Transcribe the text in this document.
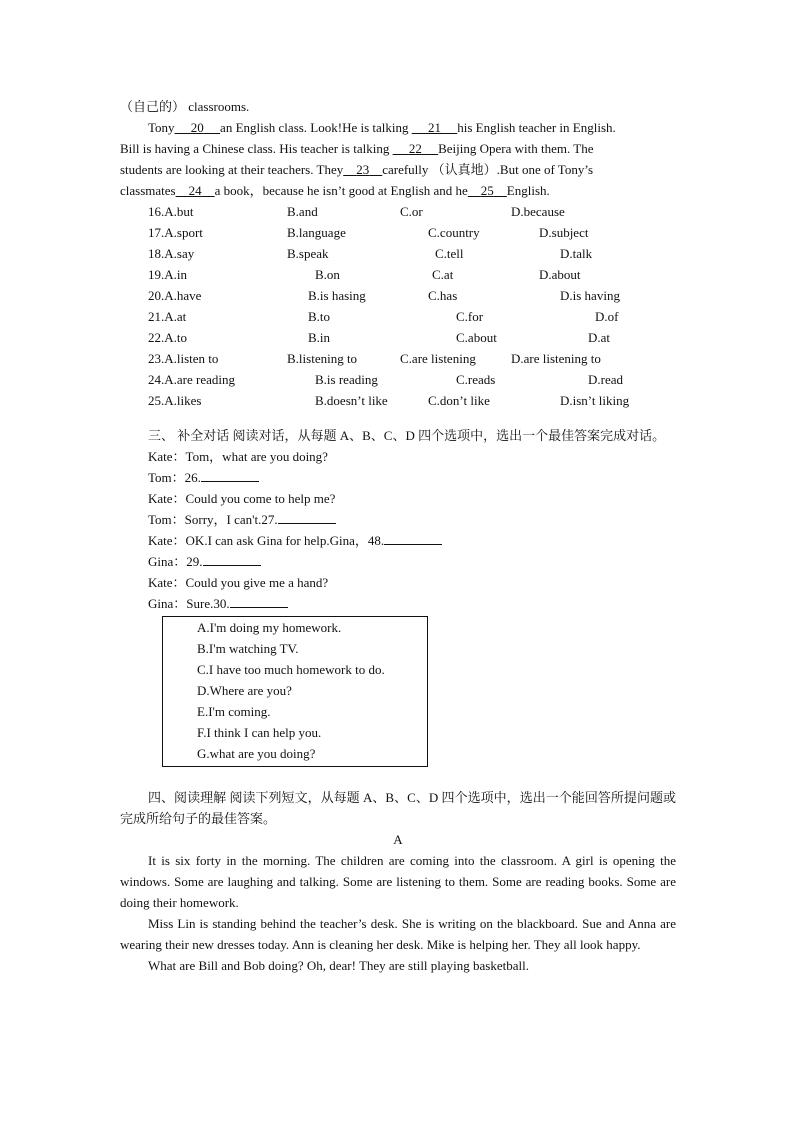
（自己的） classrooms.
Tony 20 an English class. Look!He is talking      21 his English teacher in English.
Bill is having a Chinese class. His teacher is talking      22 Beijing Opera with them. The
students are looking at their teachers. They 23 carefully （认真地）.But one of Tony’s
classmates 24 a book，because he isn’t good at English and he 25 English.
16.A.but	B.and	C.or	D.because
17.A.sport	B.language	C.country	D.subject
18.A.say	B.speak	C.tell	D.talk
19.A.in	B.on	C.at	D.about
20.A.have	B.is hasing	C.has	D.is having
21.A.at	B.to	C.for	D.of
22.A.to	B.in	C.about	D.at
23.A.listen to	B.listening to	C.are listening	D.are listening to
24.A.are reading	B.is reading	C.reads	D.read
25.A.likes	B.doesn’t like	C.don’t like	D.isn’t liking
三、 补全对话 阅读对话，从每题 A、B、C、D 四个选项中，选出一个最佳答案完成对话。
Kate：Tom，what are you doing?
Tom：26.
Kate：Could you come to help me?
Tom：Sorry，I can't.27.
Kate：OK.I can ask Gina for help.Gina，48.
Gina：29.
Kate：Could you give me a hand?
Gina：Sure.30.
A.I'm doing my homework.
B.I'm watching TV.
C.I have too much homework to do.
D.Where are you?
E.I'm coming.
F.I think I can help you.
G.what are you doing?
四、阅读理解 阅读下列短文，从每题 A、B、C、D 四个选项中，选出一个能回答所提问题或完成所给句子的最佳答案。
A
It is six forty in the morning. The children are coming into the classroom. A girl is opening the windows. Some are laughing and talking. Some are listening to them. Some are reading books. Some are doing their homework.
Miss Lin is standing behind the teacher’s desk. She is writing on the blackboard. Sue and Anna are wearing their new dresses today. Ann is cleaning her desk. Mike is helping her. They all look happy.
What are Bill and Bob doing? Oh, dear! They are still playing basketball.
